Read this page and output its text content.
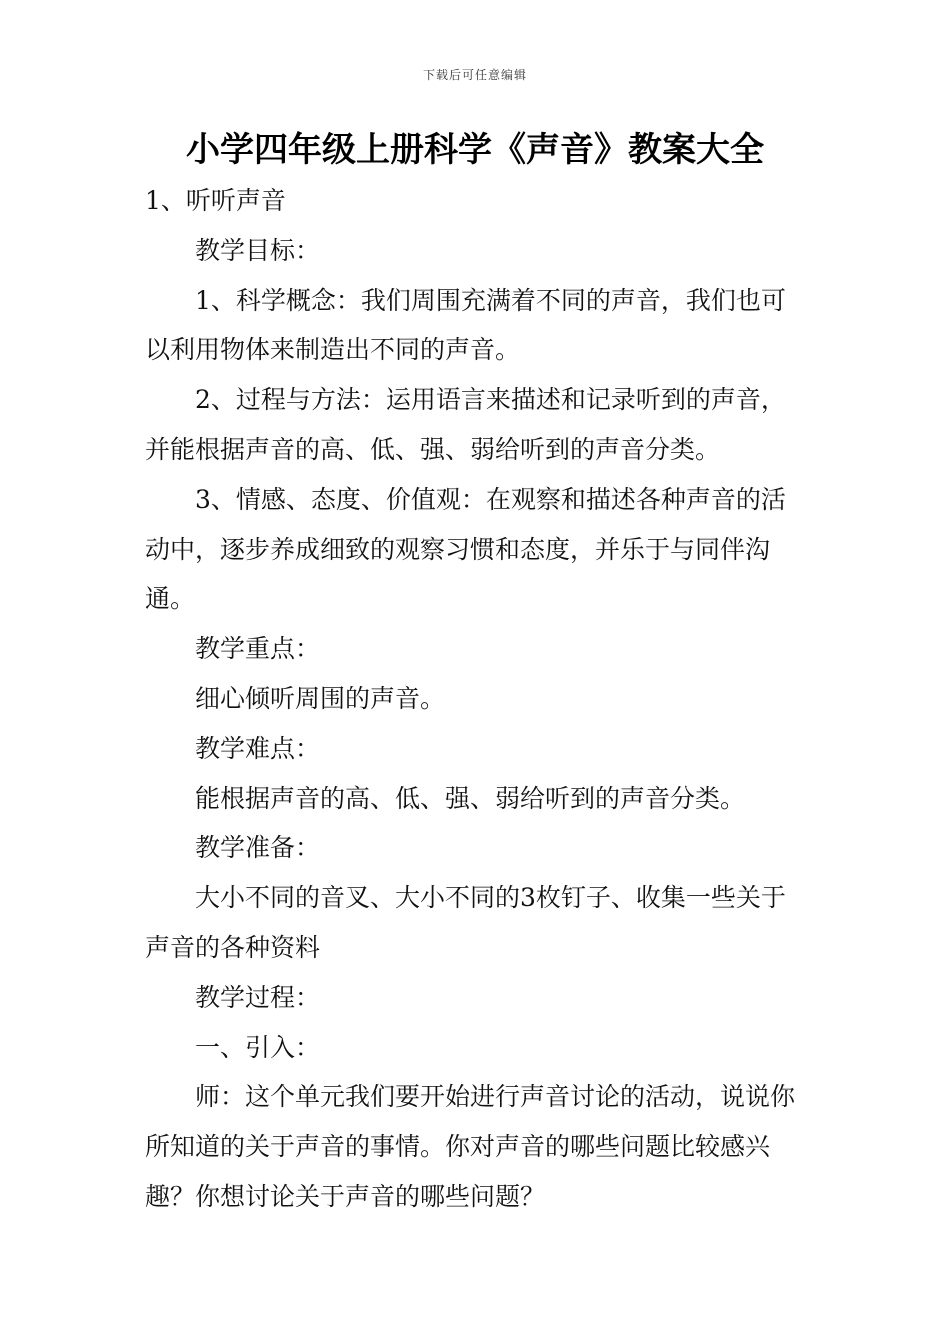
下载后可任意编辑
小学四年级上册科学《声音》教案大全

1、听听声音

教学目标：

1、科学概念：我们周围充满着不同的声音，我们也可以利用物体来制造出不同的声音。

2、过程与方法：运用语言来描述和记录听到的声音，并能根据声音的高、低、强、弱给听到的声音分类。

3、情感、态度、价值观：在观察和描述各种声音的活动中，逐步养成细致的观察习惯和态度，并乐于与同伴沟通。

教学重点：

细心倾听周围的声音。

教学难点：

能根据声音的高、低、强、弱给听到的声音分类。

教学准备：

大小不同的音叉、大小不同的3枚钉子、收集一些关于声音的各种资料

教学过程：

一、引入：

师：这个单元我们要开始进行声音讨论的活动，说说你所知道的关于声音的事情。你对声音的哪些问题比较感兴趣？你想讨论关于声音的哪些问题？
